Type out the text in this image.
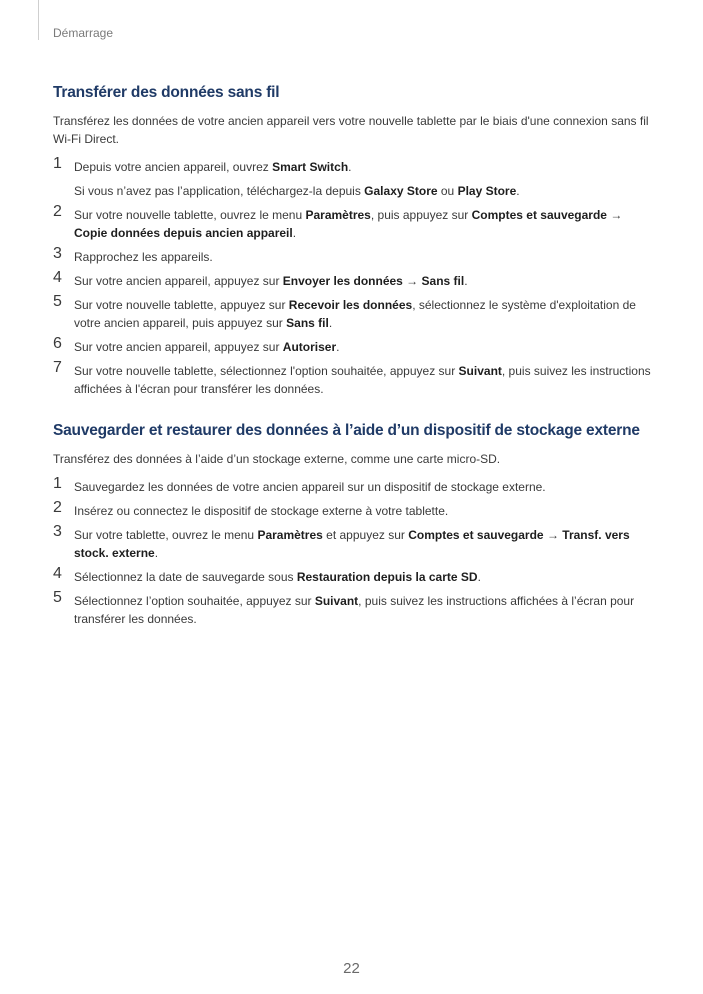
Démarrage
Transférer des données sans fil

Transférez les données de votre ancien appareil vers votre nouvelle tablette par le biais d'une connexion sans fil Wi-Fi Direct.

1 Depuis votre ancien appareil, ouvrez Smart Switch.
Si vous n’avez pas l’application, téléchargez-la depuis Galaxy Store ou Play Store.
2 Sur votre nouvelle tablette, ouvrez le menu Paramètres, puis appuyez sur Comptes et sauvegarde → Copie données depuis ancien appareil.
3 Rapprochez les appareils.
4 Sur votre ancien appareil, appuyez sur Envoyer les données → Sans fil.
5 Sur votre nouvelle tablette, appuyez sur Recevoir les données, sélectionnez le système d'exploitation de votre ancien appareil, puis appuyez sur Sans fil.
6 Sur votre ancien appareil, appuyez sur Autoriser.
7 Sur votre nouvelle tablette, sélectionnez l'option souhaitée, appuyez sur Suivant, puis suivez les instructions affichées à l'écran pour transférer les données.
Sauvegarder et restaurer des données à l’aide d’un dispositif de stockage externe

Transférez des données à l’aide d’un stockage externe, comme une carte micro-SD.

1 Sauvegardez les données de votre ancien appareil sur un dispositif de stockage externe.
2 Insérez ou connectez le dispositif de stockage externe à votre tablette.
3 Sur votre tablette, ouvrez le menu Paramètres et appuyez sur Comptes et sauvegarde → Transf. vers stock. externe.
4 Sélectionnez la date de sauvegarde sous Restauration depuis la carte SD.
5 Sélectionnez l’option souhaitée, appuyez sur Suivant, puis suivez les instructions affichées à l’écran pour transférer les données.
22
